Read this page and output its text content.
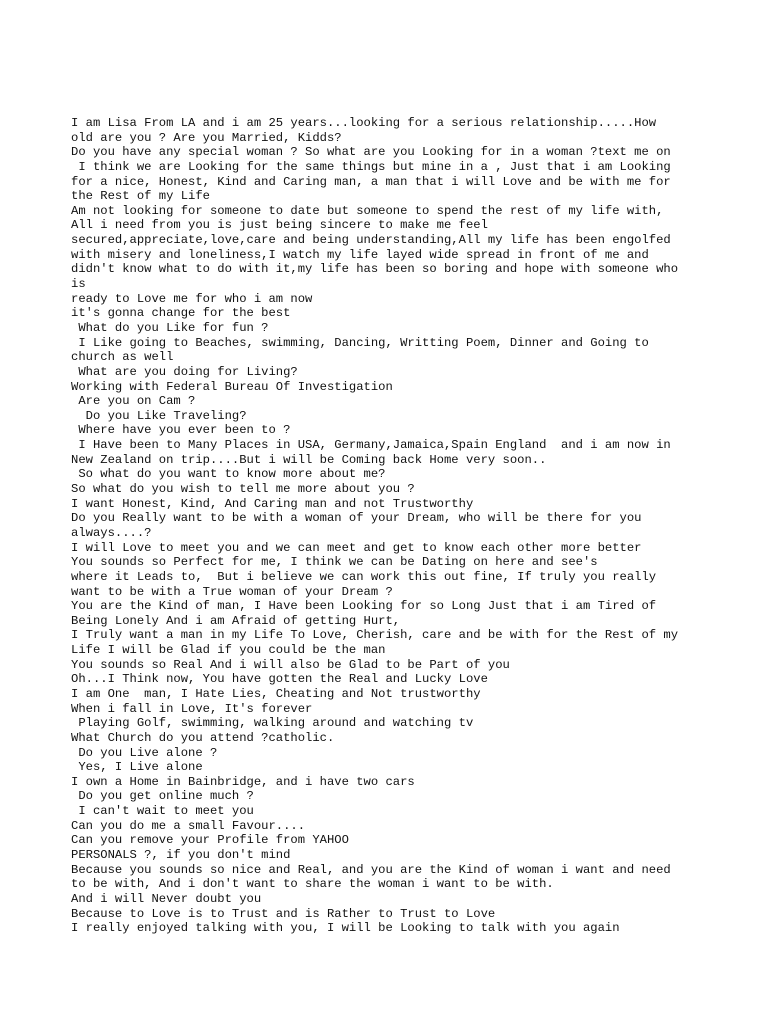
I am Lisa From LA and i am 25 years...looking for a serious relationship.....How
old are you ? Are you Married, Kidds?
Do you have any special woman ? So what are you Looking for in a woman ?text me on
I think we are Looking for the same things but mine in a , Just that i am Looking
for a nice, Honest, Kind and Caring man, a man that i will Love and be with me for
the Rest of my Life
Am not looking for someone to date but someone to spend the rest of my life with,
All i need from you is just being sincere to make me feel
secured,appreciate,love,care and being understanding,All my life has been engolfed
with misery and loneliness,I watch my life layed wide spread in front of me and
didn't know what to do with it,my life has been so boring and hope with someone who
is
ready to Love me for who i am now
it's gonna change for the best
What do you Like for fun ?
I Like going to Beaches, swimming, Dancing, Writting Poem, Dinner and Going to
church as well
What are you doing for Living?
Working with Federal Bureau Of Investigation
Are you on Cam ?
Do you Like Traveling?
Where have you ever been to ?
I Have been to Many Places in USA, Germany,Jamaica,Spain England  and i am now in
New Zealand on trip....But i will be Coming back Home very soon..
So what do you want to know more about me?
So what do you wish to tell me more about you ?
I want Honest, Kind, And Caring man and not Trustworthy
Do you Really want to be with a woman of your Dream, who will be there for you
always....?
I will Love to meet you and we can meet and get to know each other more better
You sounds so Perfect for me, I think we can be Dating on here and see's
where it Leads to,  But i believe we can work this out fine, If truly you really
want to be with a True woman of your Dream ?
You are the Kind of man, I Have been Looking for so Long Just that i am Tired of
Being Lonely And i am Afraid of getting Hurt,
I Truly want a man in my Life To Love, Cherish, care and be with for the Rest of my
Life I will be Glad if you could be the man
You sounds so Real And i will also be Glad to be Part of you
Oh...I Think now, You have gotten the Real and Lucky Love
I am One  man, I Hate Lies, Cheating and Not trustworthy
When i fall in Love, It's forever
Playing Golf, swimming, walking around and watching tv
What Church do you attend ?catholic.
Do you Live alone ?
Yes, I Live alone
I own a Home in Bainbridge, and i have two cars
Do you get online much ?
I can't wait to meet you
Can you do me a small Favour....
Can you remove your Profile from YAHOO
PERSONALS ?, if you don't mind
Because you sounds so nice and Real, and you are the Kind of woman i want and need
to be with, And i don't want to share the woman i want to be with.
And i will Never doubt you
Because to Love is to Trust and is Rather to Trust to Love
I really enjoyed talking with you, I will be Looking to talk with you again
